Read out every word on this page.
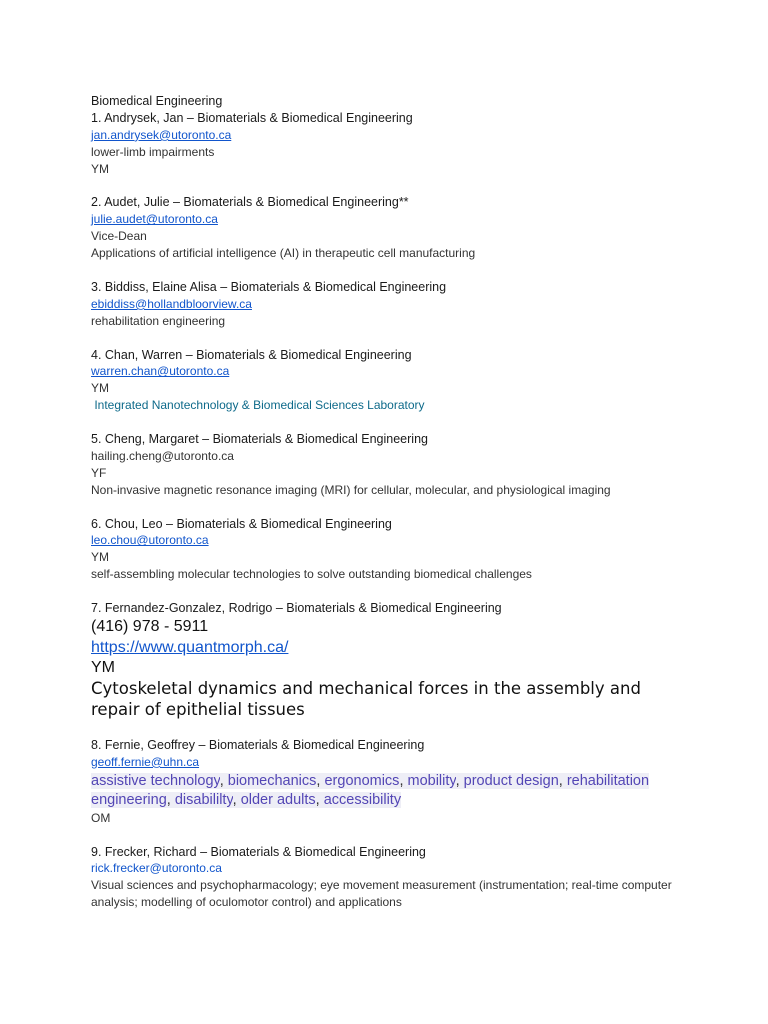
Biomedical Engineering
1. Andrysek, Jan – Biomaterials & Biomedical Engineering
jan.andrysek@utoronto.ca
lower-limb impairments
YM
2. Audet, Julie – Biomaterials & Biomedical Engineering**
julie.audet@utoronto.ca
Vice-Dean
Applications of artificial intelligence (AI) in therapeutic cell manufacturing
3. Biddiss, Elaine Alisa – Biomaterials & Biomedical Engineering
ebiddiss@hollandbloorview.ca
rehabilitation engineering
4. Chan, Warren – Biomaterials & Biomedical Engineering
warren.chan@utoronto.ca
YM
Integrated Nanotechnology & Biomedical Sciences Laboratory
5. Cheng, Margaret – Biomaterials & Biomedical Engineering
hailing.cheng@utoronto.ca
YF
Non-invasive magnetic resonance imaging (MRI) for cellular, molecular, and physiological imaging
6. Chou, Leo – Biomaterials & Biomedical Engineering
leo.chou@utoronto.ca
YM
self-assembling molecular technologies to solve outstanding biomedical challenges
7. Fernandez-Gonzalez, Rodrigo – Biomaterials & Biomedical Engineering
(416) 978 - 5911
https://www.quantmorph.ca/
YM
Cytoskeletal dynamics and mechanical forces in the assembly and repair of epithelial tissues
8. Fernie, Geoffrey – Biomaterials & Biomedical Engineering
geoff.fernie@uhn.ca
assistive technology, biomechanics, ergonomics, mobility, product design, rehabilitation engineering, disabililty, older adults, accessibility
OM
9. Frecker, Richard – Biomaterials & Biomedical Engineering
rick.frecker@utoronto.ca
Visual sciences and psychopharmacology; eye movement measurement (instrumentation; real-time computer analysis; modelling of oculomotor control) and applications
